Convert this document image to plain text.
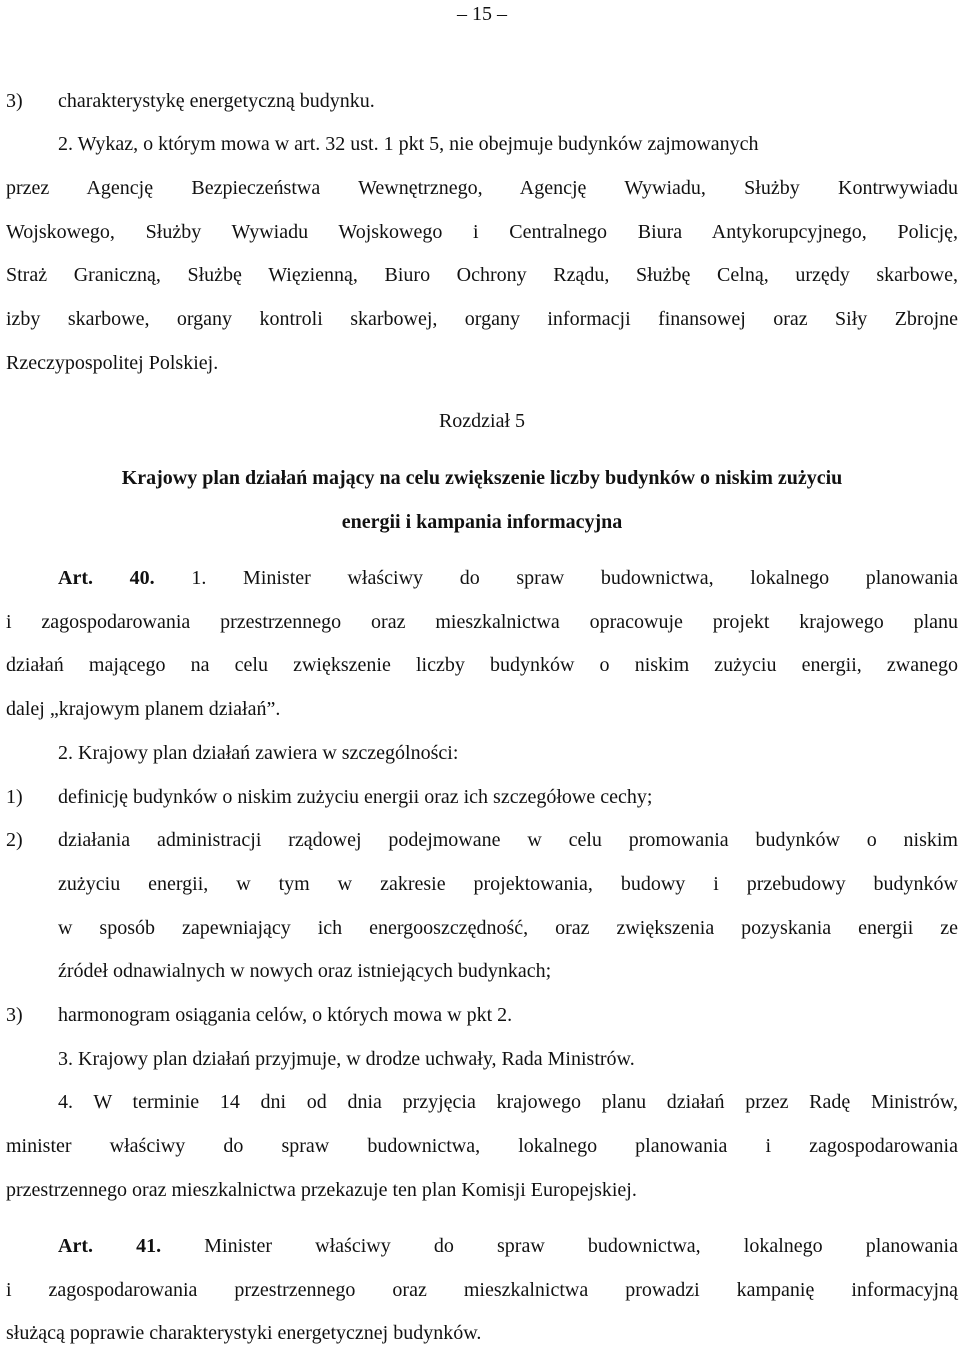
– 15 –
3) charakterystykę energetyczną budynku.
2. Wykaz, o którym mowa w art. 32 ust. 1 pkt 5, nie obejmuje budynków zajmowanych
przez Agencję Bezpieczeństwa Wewnętrznego, Agencję Wywiadu, Służby Kontrwywiadu
Wojskowego, Służby Wywiadu Wojskowego i Centralnego Biura Antykorupcyjnego, Policję,
Straż Graniczną, Służbę Więzienną, Biuro Ochrony Rządu, Służbę Celną, urzędy skarbowe,
izby skarbowe, organy kontroli skarbowej, organy informacji finansowej oraz Siły Zbrojne
Rzeczypospolitej Polskiej.
Rozdział 5
Krajowy plan działań mający na celu zwiększenie liczby budynków o niskim zużyciu
energii i kampania informacyjna
Art. 40. 1. Minister właściwy do spraw budownictwa, lokalnego planowania
i zagospodarowania przestrzennego oraz mieszkalnictwa opracowuje projekt krajowego planu
działań mającego na celu zwiększenie liczby budynków o niskim zużyciu energii, zwanego
dalej „krajowym planem działań”.
2. Krajowy plan działań zawiera w szczególności:
1) definicję budynków o niskim zużyciu energii oraz ich szczegółowe cechy;
2)	działania administracji rządowej podejmowane w celu promowania budynków o niskim
zużyciu energii, w tym w zakresie projektowania, budowy i przebudowy budynków
w sposób zapewniający ich energooszczędność, oraz zwiększenia pozyskania energii ze
źródeł odnawialnych w nowych oraz istniejących budynkach;
3) harmonogram osiągania celów, o których mowa w pkt 2.
3. Krajowy plan działań przyjmuje, w drodze uchwały, Rada Ministrów.
4. W terminie 14 dni od dnia przyjęcia krajowego planu działań przez Radę Ministrów,
minister właściwy do spraw budownictwa, lokalnego planowania i zagospodarowania
przestrzennego oraz mieszkalnictwa przekazuje ten plan Komisji Europejskiej.
Art. 41. Minister właściwy do spraw budownictwa, lokalnego planowania
i zagospodarowania przestrzennego oraz mieszkalnictwa prowadzi kampanię informacyjną
służącą poprawie charakterystyki energetycznej budynków.
